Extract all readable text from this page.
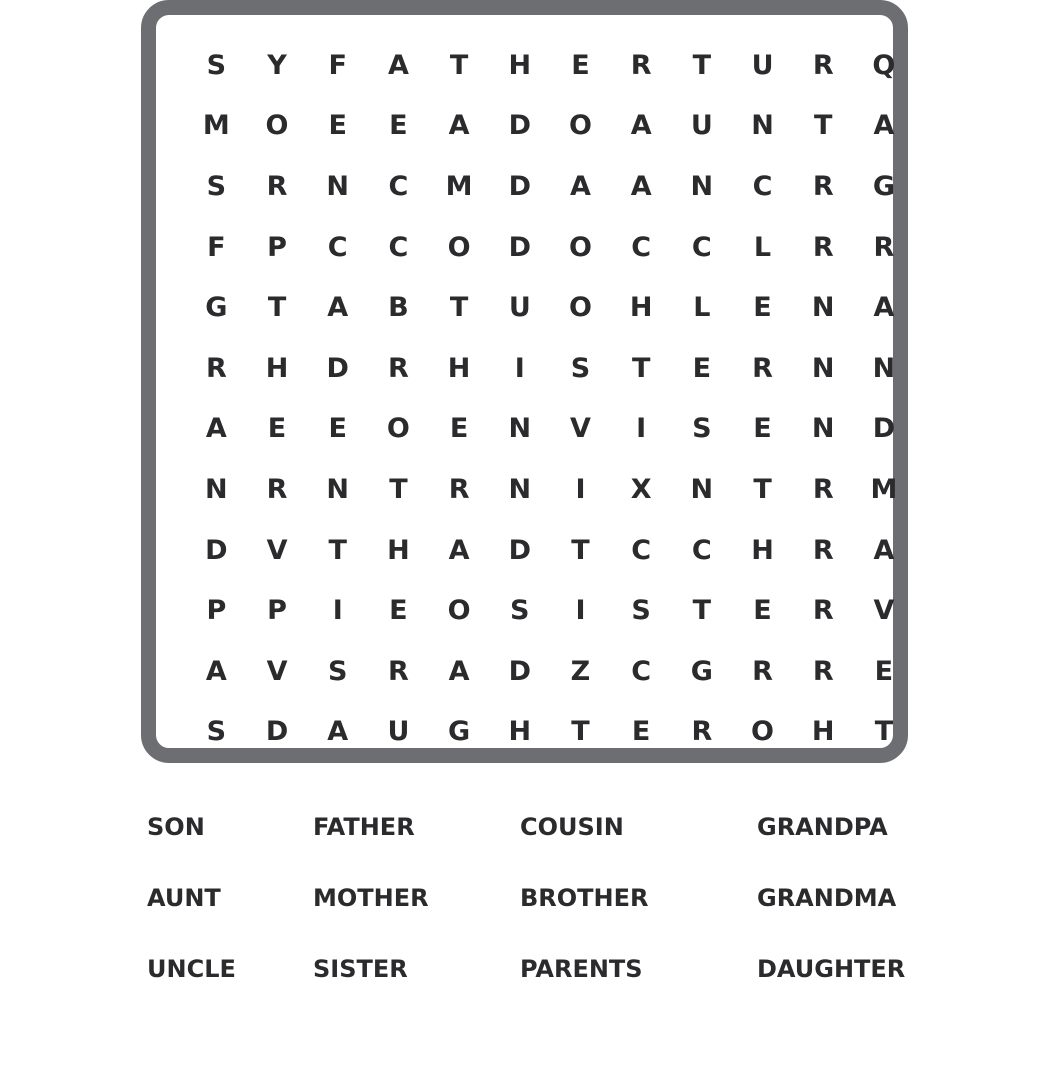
S	Y	F	A	T	H	E	R	T	U	R	Q
M	O	E	E	A	D	O	A	U	N	T	A
S	R	N	C	M	D	A	A	N	C	R	G
F	P	C	C	O	D	O	C	C	L	R	R
G	T	A	B	T	U	O	H	L	E	N	A
R	H	D	R	H	I	S	T	E	R	N	N
A	E	E	O	E	N	V	I	S	E	N	D
N	R	N	T	R	N	I	X	N	T	R	M
D	V	T	H	A	D	T	C	C	H	R	A
P	P	I	E	O	S	I	S	T	E	R	V
A	V	S	R	A	D	Z	C	G	R	R	E
S	D	A	U	G	H	T	E	R	O	H	T
SON	FATHER	COUSIN	GRANDPA
AUNT	MOTHER	BROTHER	GRANDMA
UNCLE	SISTER	PARENTS	DAUGHTER
